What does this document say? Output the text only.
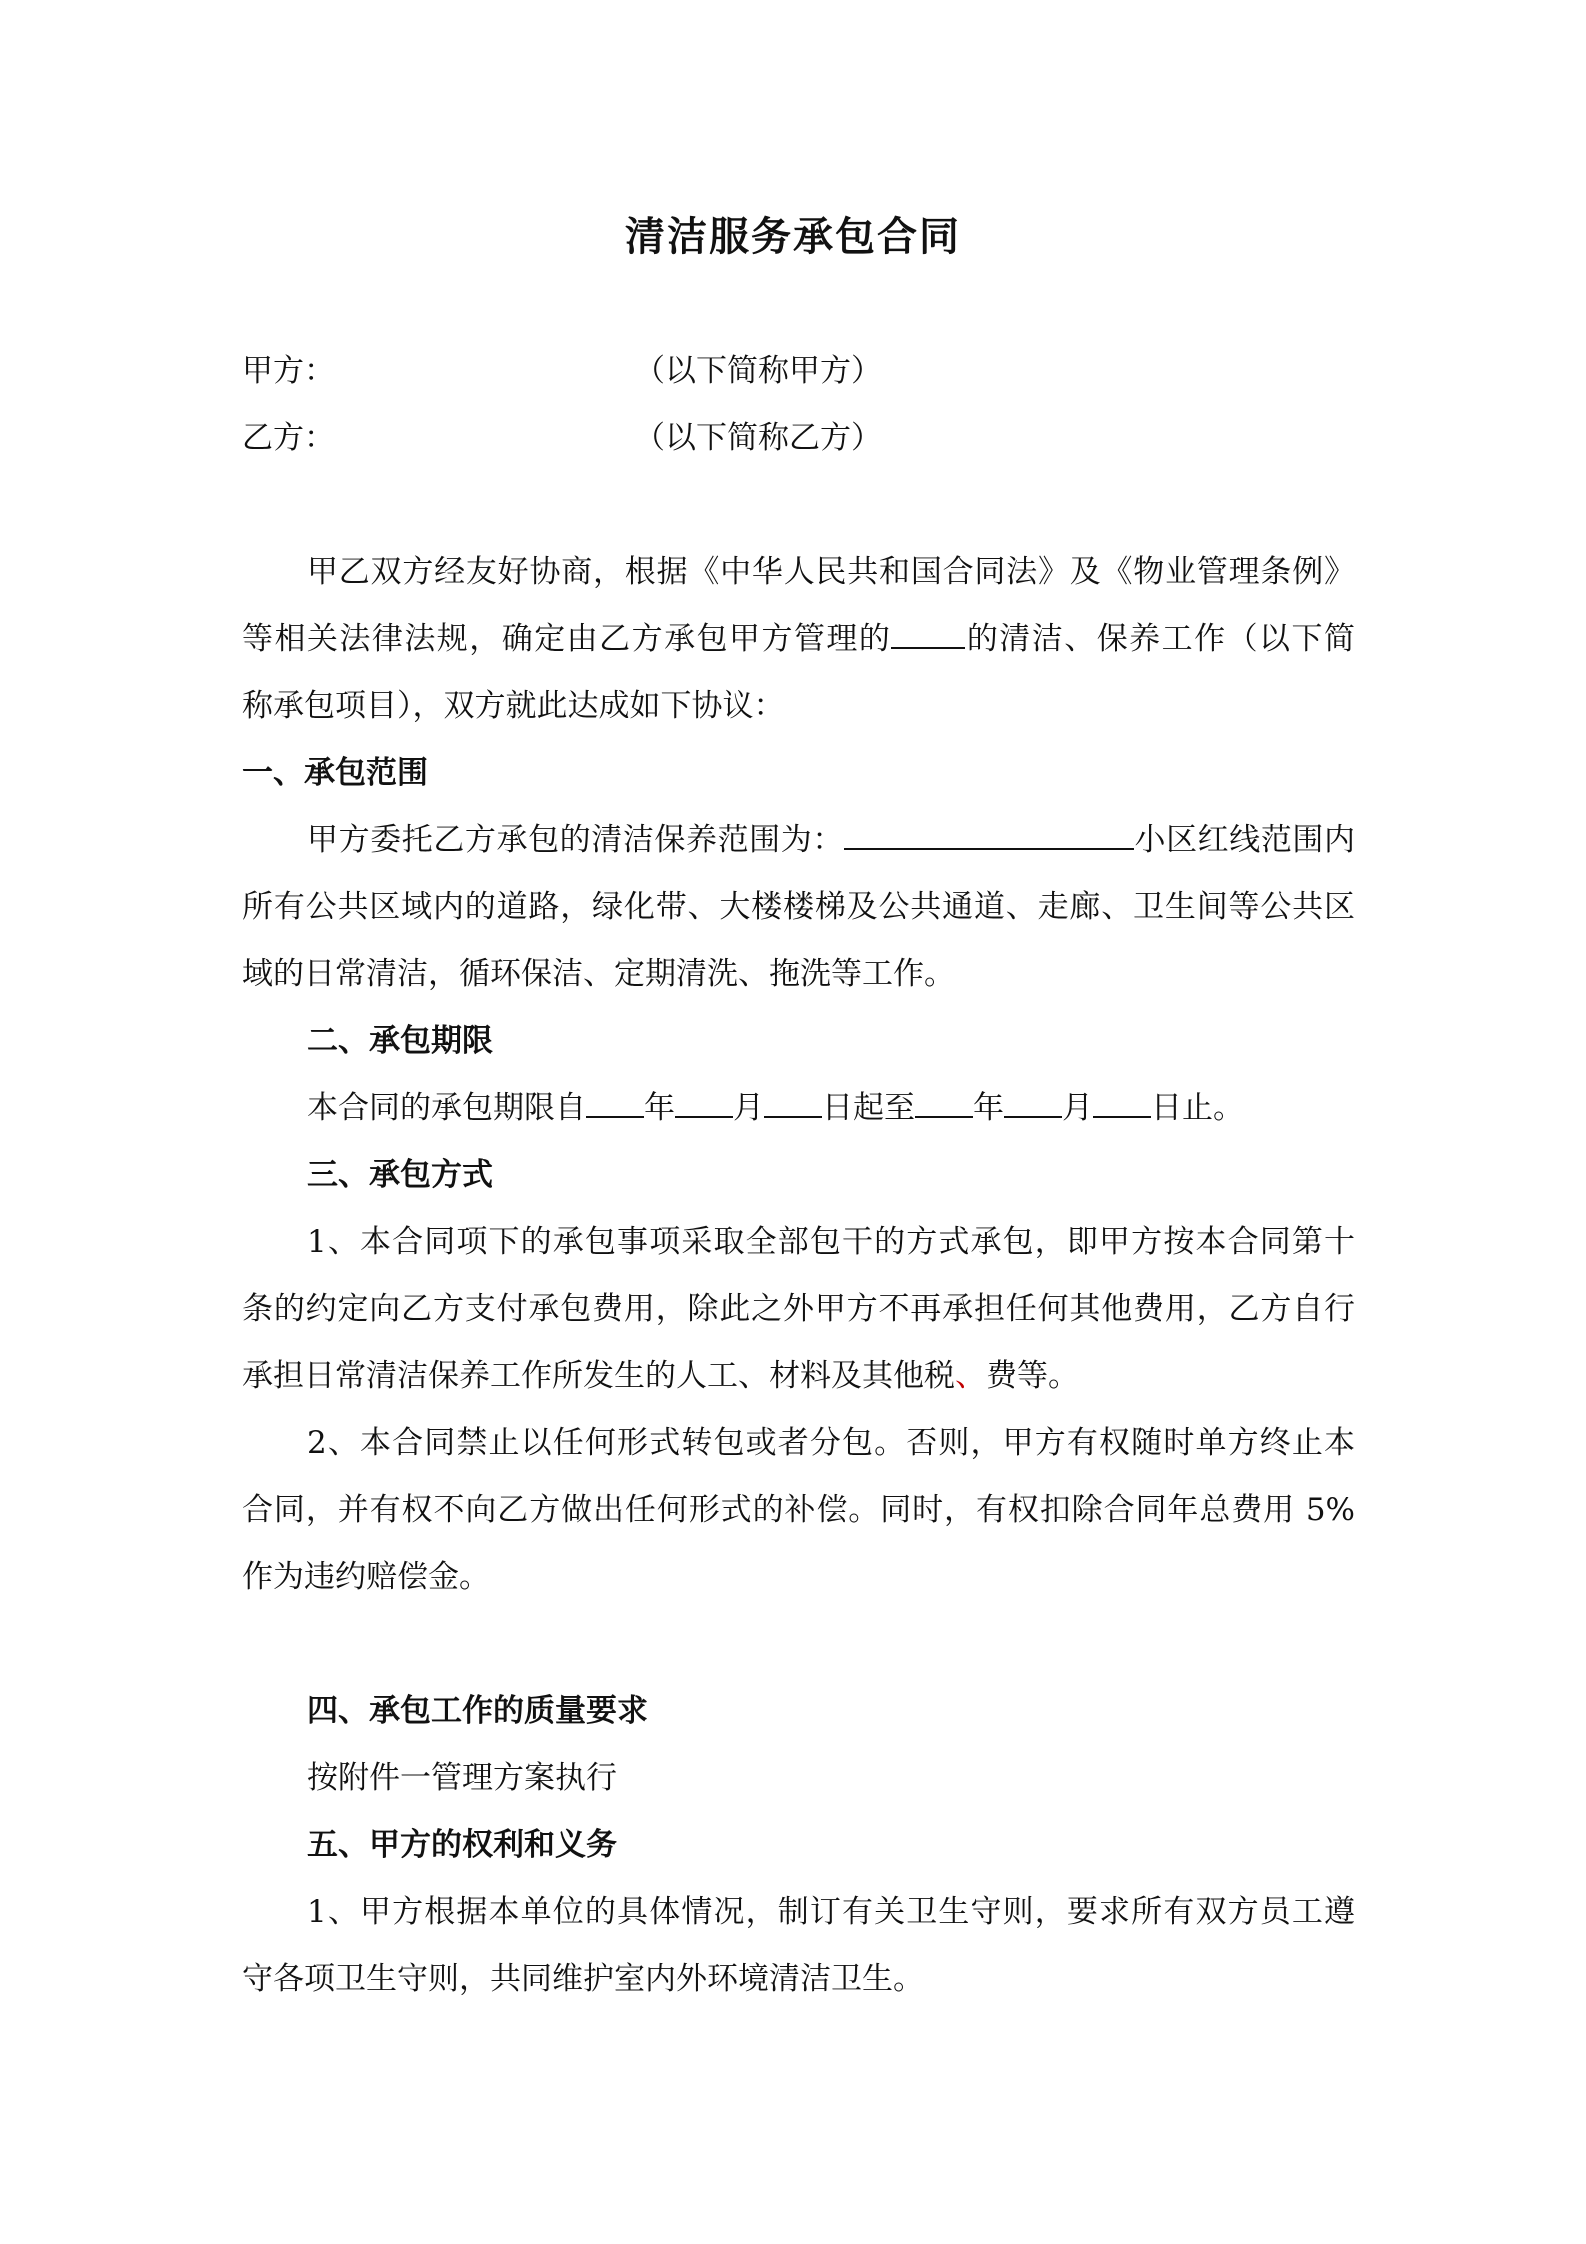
清洁服务承包合同
甲方：	（以下简称甲方）
乙方：	（以下简称乙方）
甲乙双方经友好协商，根据《中华人民共和国合同法》及《物业管理条例》
等相关法律法规，确定由乙方承包甲方管理的 的清洁、保养工作（以下简
称承包项目），双方就此达成如下协议：
一、承包范围
甲方委托乙方承包的清洁保养范围为：	小区红线范围内
所有公共区域内的道路，绿化带、大楼楼梯及公共通道、走廊、卫生间等公共区
域的日常清洁，循环保洁、定期清洗、拖洗等工作。
二、承包期限
本合同的承包期限自 年 月 日起至 年 月 日止。
三、承包方式
1、本合同项下的承包事项采取全部包干的方式承包，即甲方按本合同第十
条的约定向乙方支付承包费用，除此之外甲方不再承担任何其他费用，乙方自行
承担日常清洁保养工作所发生的人工、材料及其他税、费等。
2、本合同禁止以任何形式转包或者分包。否则，甲方有权随时单方终止本
合同，并有权不向乙方做出任何形式的补偿。同时，有权扣除合同年总费用 5%
作为违约赔偿金。
四、承包工作的质量要求
按附件一管理方案执行
五、甲方的权利和义务
1、甲方根据本单位的具体情况，制订有关卫生守则，要求所有双方员工遵
守各项卫生守则，共同维护室内外环境清洁卫生。
